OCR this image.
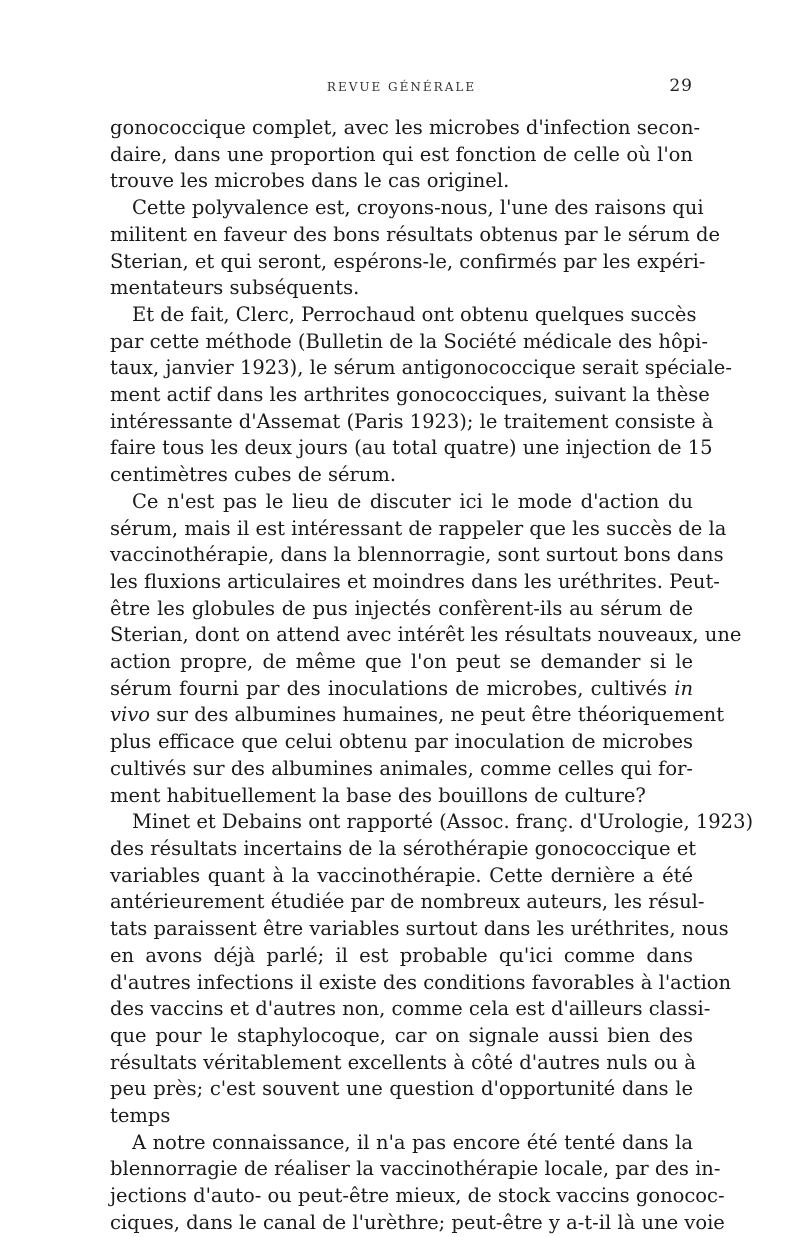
REVUE GÉNÉRALE	29
gonococcique complet, avec les microbes d'infection secon-
daire, dans une proportion qui est fonction de celle où l'on
trouve les microbes dans le cas originel.
Cette polyvalence est, croyons-nous, l'une des raisons qui
militent en faveur des bons résultats obtenus par le sérum de
Sterian, et qui seront, espérons-le, confirmés par les expéri-
mentateurs subséquents.
Et de fait, Clerc, Perrochaud ont obtenu quelques succès
par cette méthode (Bulletin de la Société médicale des hôpi-
taux, janvier 1923), le sérum antigonococcique serait spéciale-
ment actif dans les arthrites gonococciques, suivant la thèse
intéressante d'Assemat (Paris 1923); le traitement consiste à
faire tous les deux jours (au total quatre) une injection de 15
centimètres cubes de sérum.
Ce n'est pas le lieu de discuter ici le mode d'action du
sérum, mais il est intéressant de rappeler que les succès de la
vaccinothérapie, dans la blennorragie, sont surtout bons dans
les fluxions articulaires et moindres dans les uréthrites. Peut-
être les globules de pus injectés confèrent-ils au sérum de
Sterian, dont on attend avec intérêt les résultats nouveaux, une
action propre, de même que l'on peut se demander si le
sérum fourni par des inoculations de microbes, cultivés in
vivo sur des albumines humaines, ne peut être théoriquement
plus efficace que celui obtenu par inoculation de microbes
cultivés sur des albumines animales, comme celles qui for-
ment habituellement la base des bouillons de culture?
Minet et Debains ont rapporté (Assoc. franç. d'Urologie, 1923)
des résultats incertains de la sérothérapie gonococcique et
variables quant à la vaccinothérapie. Cette dernière a été
antérieurement étudiée par de nombreux auteurs, les résul-
tats paraissent être variables surtout dans les uréthrites, nous
en avons déjà parlé; il est probable qu'ici comme dans
d'autres infections il existe des conditions favorables à l'action
des vaccins et d'autres non, comme cela est d'ailleurs classi-
que pour le staphylocoque, car on signale aussi bien des
résultats véritablement excellents à côté d'autres nuls ou à
peu près; c'est souvent une question d'opportunité dans le
temps
A notre connaissance, il n'a pas encore été tenté dans la
blennorragie de réaliser la vaccinothérapie locale, par des in-
jections d'auto- ou peut-être mieux, de stock vaccins gonococ-
ciques, dans le canal de l'urèthre; peut-être y a-t-il là une voie
